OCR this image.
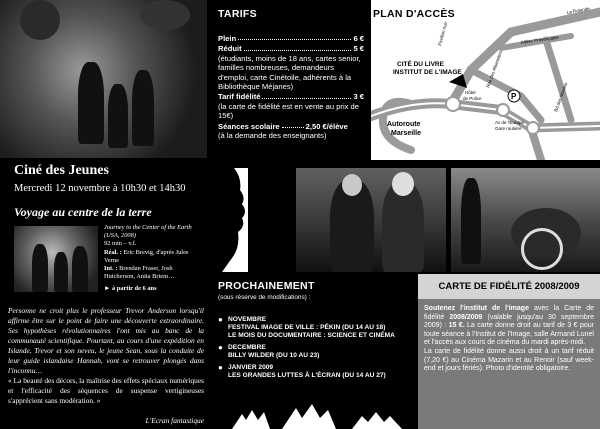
Ciné des Jeunes
Mercredi 12 novembre à 10h30 et 14h30
Voyage au centre de la terre
Journey to the Center of the Earth (USA, 2008)
92 min – v.f.
Réal. : Eric Brevig, d'après Jules Verne
Int. : Brendan Fraser, Josh Hutcherson, Anita Briem…
► à partir de 6 ans
Personne ne croit plus le professeur Trevor Anderson lorsqu'il affirme être sur le point de faire une découverte extraordinaire. Ses hypothèses révolutionnaires l'ont mis au banc de la communauté scientifique. Pourtant, au cours d'une expédition en Islande, Trevor et son neveu, le jeune Sean, sous la conduite de leur guide islandaise Hannah, vont se retrouver plongés dans l'inconnu…
« La beauté des décors, la maîtrise des effets spéciaux numériques et l'efficacité des séquences de suspense vertigineuses s'apprécient sans modération. »
L'Ecran fantastique
TARIFS
Plein	6 €
Réduit	5 €
(étudiants, moins de 18 ans, cartes senior, familles nombreuses, demandeurs d'emploi, carte Cinétoile, adhérents à la Bibliothèque Méjanes)
Tarif fidélité	3 €
(la carte de fidélité est en vente au prix de 15€)
Séances scolaire	2,50 €/élève
(à la demande des enseignants)
P
CITÉ DU LIVRE
INSTITUT DE L'IMAGE
Autoroute
Marseille
Pavillon noir	Allées Provençales
La Rotonde
Hôtel
de Police
Av de l'Europe
Gare routière
Bd des Moulins
Rue des Allumettes
PLAN D'ACCÈS
PROCHAINEMENT
(sous réserve de modifications) :
● NOVEMBRE
FESTIVAL IMAGE DE VILLE : PÉKIN (DU 14 AU 18)
LE MOIS DU DOCUMENTAIRE : SCIENCE ET CINÉMA
● DECEMBRE
BILLY WILDER (DU 10 AU 23)
● JANVIER 2009
LES GRANDES LUTTES À L'ÉCRAN (DU 14 AU 27)
CARTE DE FIDÉLITÉ 2008/2009
Soutenez l'institut de l'image avec la Carte de fidélité 2008/2009 (valable jusqu'au 30 septembre 2009) : 15 €. La carte donne droit au tarif de 3 € pour toute séance à l'Institut de l'Image, salle Armand Lunel et l'accès aux cours de cinéma du mardi après-midi.
La carte de fidélité donne aussi droit à un tarif réduit (7,20 €) au Cinéma Mazarin et au Renoir (sauf week-end et jours fériés). Photo d'identité obligatoire.
